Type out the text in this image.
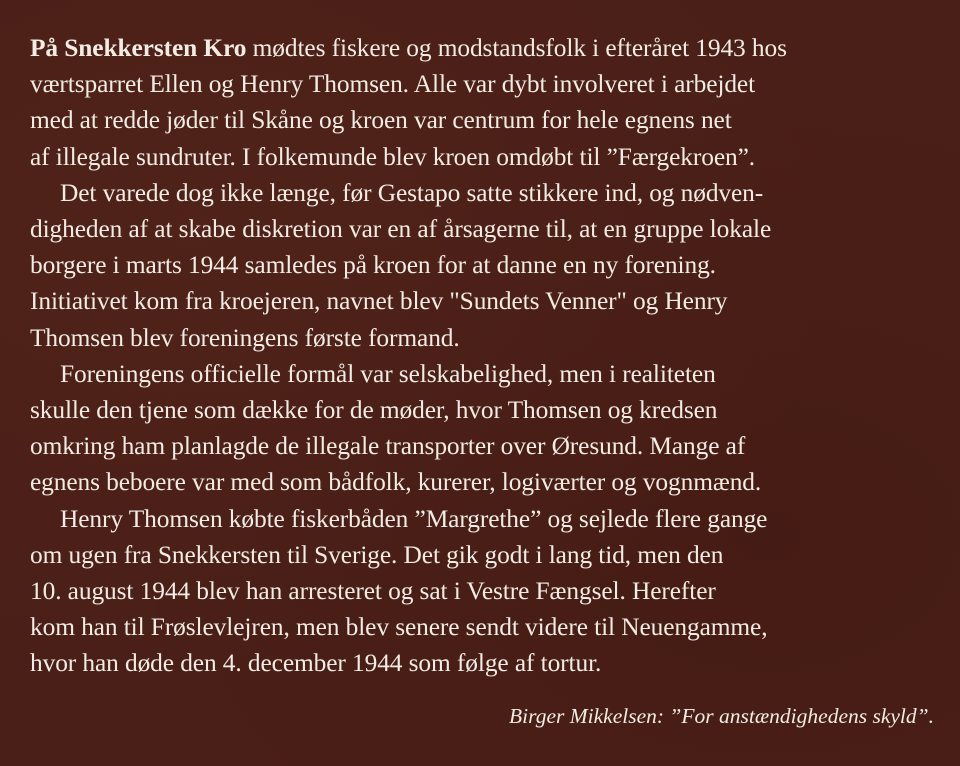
På Snekkersten Kro mødtes fiskere og modstandsfolk i efteråret 1943 hos
værtsparret Ellen og Henry Thomsen. Alle var dybt involveret i arbejdet
med at redde jøder til Skåne og kroen var centrum for hele egnens net
af illegale sundruter. I folkemunde blev kroen omdøbt til ”Færgekroen”.
Det varede dog ikke længe, før Gestapo satte stikkere ind, og nødven-
digheden af at skabe diskretion var en af årsagerne til, at en gruppe lokale
borgere i marts 1944 samledes på kroen for at danne en ny forening.
Initiativet kom fra kroejeren, navnet blev "Sundets Venner" og Henry
Thomsen blev foreningens første formand.
Foreningens officielle formål var selskabelighed, men i realiteten
skulle den tjene som dække for de møder, hvor Thomsen og kredsen
omkring ham planlagde de illegale transporter over Øresund. Mange af
egnens beboere var med som bådfolk, kurerer, logiværter og vognmænd.
Henry Thomsen købte fiskerbåden ”Margrethe” og sejlede flere gange
om ugen fra Snekkersten til Sverige. Det gik godt i lang tid, men den
10. august 1944 blev han arresteret og sat i Vestre Fængsel. Herefter
kom han til Frøslevlejren, men blev senere sendt videre til Neuengamme,
hvor han døde den 4. december 1944 som følge af tortur.
Birger Mikkelsen: ”For anstændighedens skyld”.
